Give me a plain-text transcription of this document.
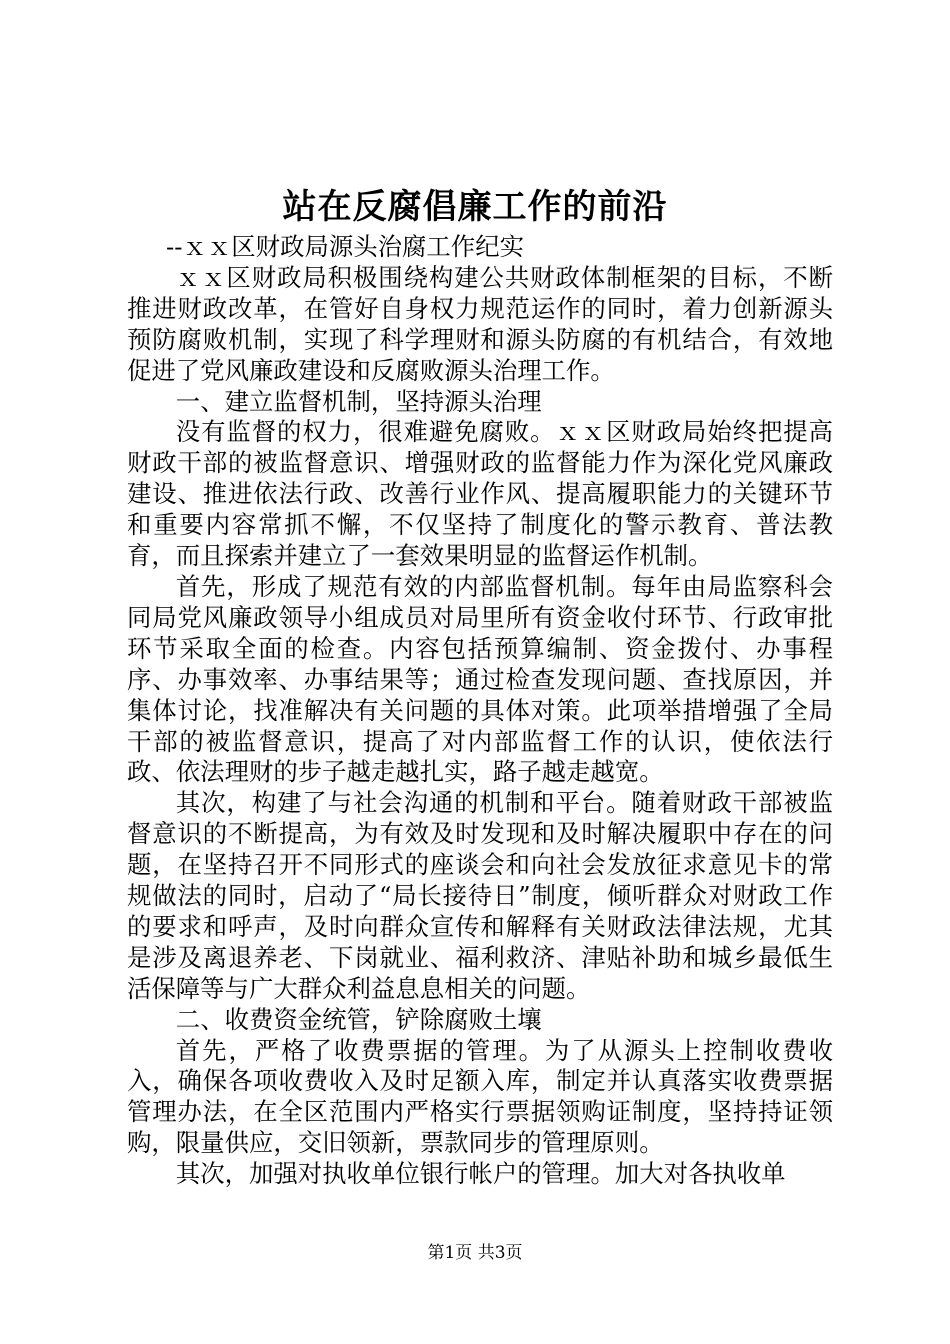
站在反腐倡廉工作的前沿

--ｘｘ区财政局源头治腐工作纪实

ｘｘ区财政局积极围绕构建公共财政体制框架的目标，不断推进财政改革，在管好自身权力规范运作的同时，着力创新源头预防腐败机制，实现了科学理财和源头防腐的有机结合，有效地促进了党风廉政建设和反腐败源头治理工作。

一、建立监督机制，坚持源头治理

没有监督的权力，很难避免腐败。ｘｘ区财政局始终把提高财政干部的被监督意识、增强财政的监督能力作为深化党风廉政建设、推进依法行政、改善行业作风、提高履职能力的关键环节和重要内容常抓不懈，不仅坚持了制度化的警示教育、普法教育，而且探索并建立了一套效果明显的监督运作机制。

首先，形成了规范有效的内部监督机制。每年由局监察科会同局党风廉政领导小组成员对局里所有资金收付环节、行政审批环节采取全面的检查。内容包括预算编制、资金拨付、办事程序、办事效率、办事结果等；通过检查发现问题、查找原因，并集体讨论，找准解决有关问题的具体对策。此项举措增强了全局干部的被监督意识，提高了对内部监督工作的认识，使依法行政、依法理财的步子越走越扎实，路子越走越宽。

其次，构建了与社会沟通的机制和平台。随着财政干部被监督意识的不断提高，为有效及时发现和及时解决履职中存在的问题，在坚持召开不同形式的座谈会和向社会发放征求意见卡的常规做法的同时，启动了“局长接待日”制度，倾听群众对财政工作的要求和呼声，及时向群众宣传和解释有关财政法律法规，尤其是涉及离退养老、下岗就业、福利救济、津贴补助和城乡最低生活保障等与广大群众利益息息相关的问题。

二、收费资金统管，铲除腐败土壤

首先，严格了收费票据的管理。为了从源头上控制收费收入，确保各项收费收入及时足额入库，制定并认真落实收费票据管理办法，在全区范围内严格实行票据领购证制度，坚持持证领购，限量供应，交旧领新，票款同步的管理原则。

其次，加强对执收单位银行帐户的管理。加大对各执收单

第1页 共3页
